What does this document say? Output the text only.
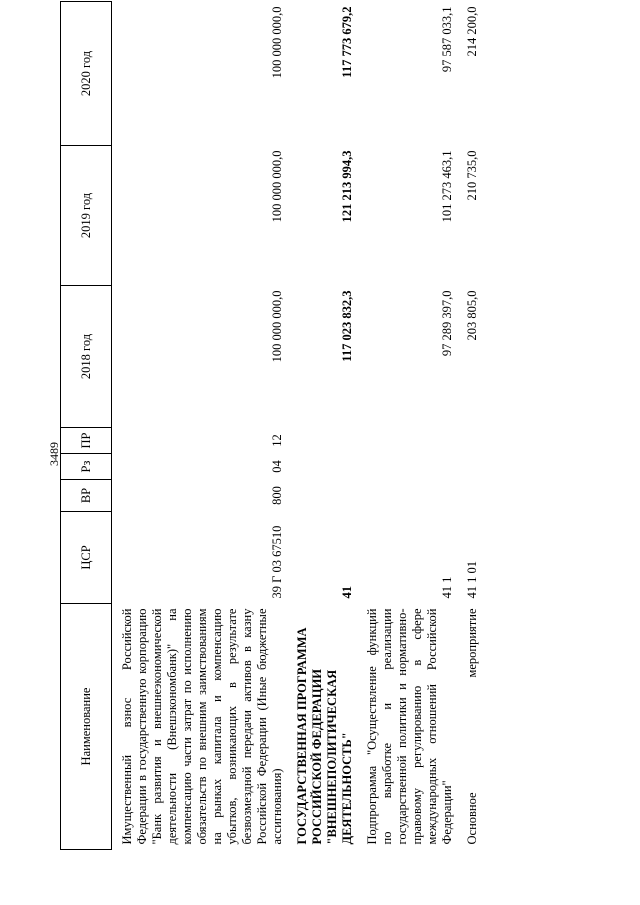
3489
Наименование	ЦСР	ВР	Рз	ПР	2018 год	2019 год	2020 год
Имущественный взнос Российской Федерации в государственную корпорацию "Банк развития и внешнеэкономической деятельности (Внешэкономбанк)" на компенсацию части затрат по исполнению обязательств по внешним заимствованиям на рынках капитала и компенсацию убытков, возникающих в результате безвозмездной передачи активов в казну Российской Федерации (Иные бюджетные ассигнования)	39 Г 03 67510	800	04	12	100 000 000,0	100 000 000,0	100 000 000,0
ГОСУДАРСТВЕННАЯ ПРОГРАММА РОССИЙСКОЙ ФЕДЕРАЦИИ "ВНЕШНЕПОЛИТИЧЕСКАЯ ДЕЯТЕЛЬНОСТЬ"	41				117 023 832,3	121 213 994,3	117 773 679,2
Подпрограмма "Осуществление функций по выработке и реализации государственной политики и нормативно-правовому регулированию в сфере международных отношений Российской Федерации"	41 1				97 289 397,0	101 273 463,1	97 587 033,1
Основное мероприятие	41 1 01				203 805,0	210 735,0	214 200,0
